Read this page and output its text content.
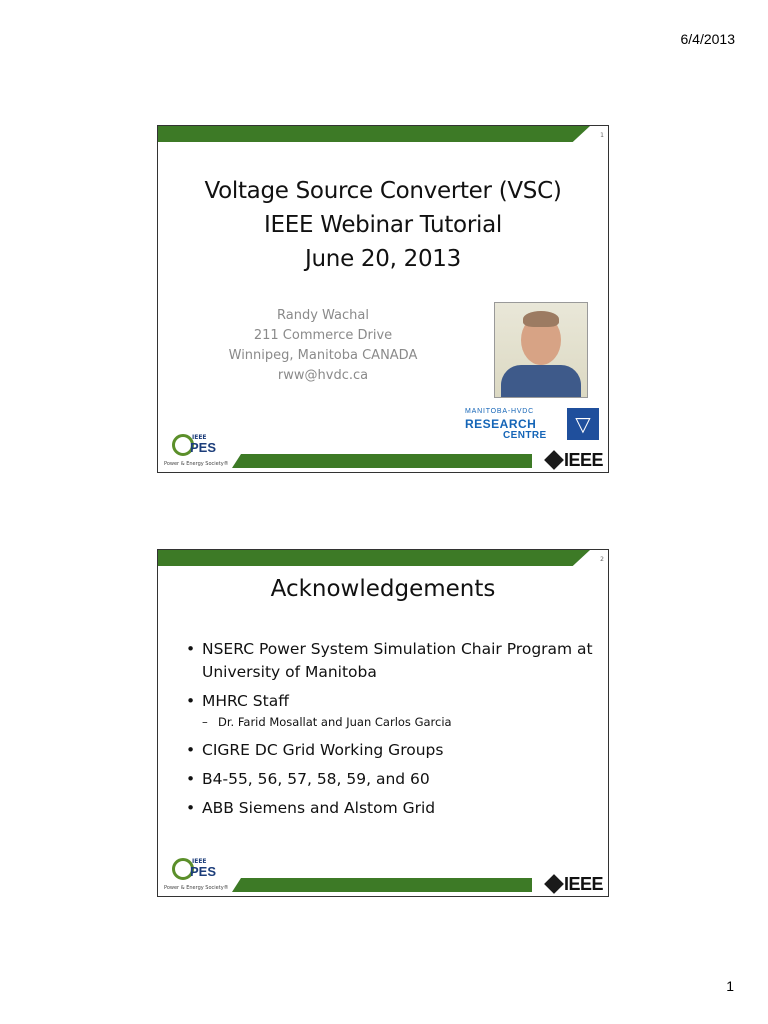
6/4/2013
1
Voltage Source Converter (VSC)
IEEE Webinar Tutorial
June 20, 2013
Randy Wachal
211 Commerce Drive
Winnipeg, Manitoba CANADA
rww@hvdc.ca
MANITOBA-HVDC
RESEARCH
CENTRE	▽
IEEE
PES
Power & Energy Society®	IEEE
2
Acknowledgements
• NSERC Power System Simulation Chair Program at University of Manitoba
• MHRC Staff
– Dr. Farid Mosallat and Juan Carlos Garcia
• CIGRE DC Grid Working Groups
• B4-55, 56, 57, 58, 59, and 60
• ABB Siemens and Alstom Grid
IEEE
PES
Power & Energy Society®	IEEE
1
